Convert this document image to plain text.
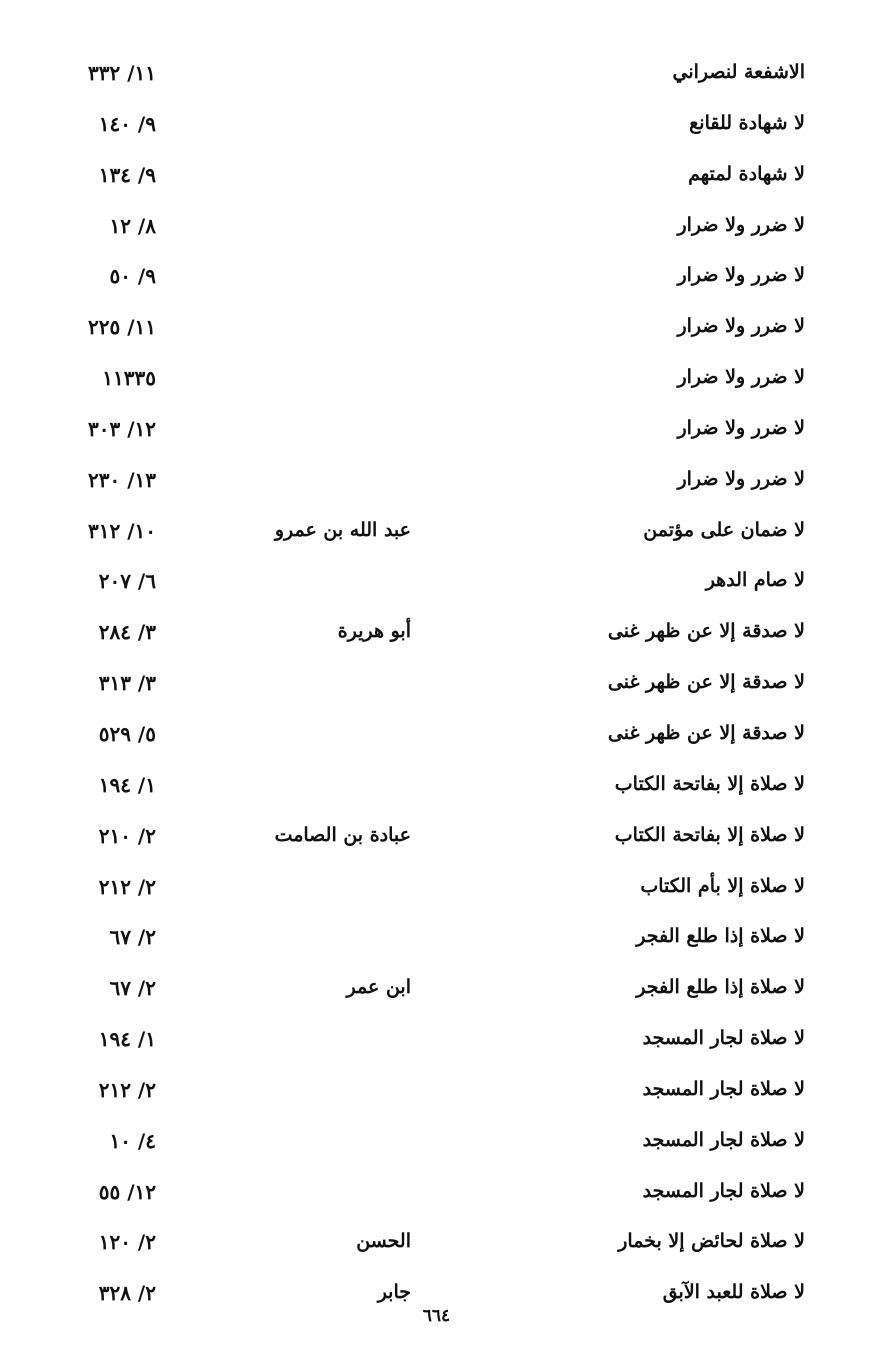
الاشفعة لنصراني
١١/ ٣٣٢
لا شهادة للقانع
٩/ ١٤٠
لا شهادة لمتهم
٩/ ١٣٤
لا ضرر ولا ضرار
٨/ ١٢
لا ضرر ولا ضرار
٩/ ٥٠
لا ضرر ولا ضرار
١١/ ٢٢٥
لا ضرر ولا ضرار
١١٣٣٥
لا ضرر ولا ضرار
١٢/ ٣٠٣
لا ضرر ولا ضرار
١٣/ ٢٣٠
لا ضمان على مؤتمن
عبد الله بن عمرو
١٠/ ٣١٢
لا صام الدهر
٦/ ٢٠٧
لا صدقة إلا عن ظهر غنى
أبو هريرة
٣/ ٢٨٤
لا صدقة إلا عن ظهر غنى
٣/ ٣١٣
لا صدقة إلا عن ظهر غنى
٥/ ٥٢٩
لا صلاة إلا بفاتحة الكتاب
١/ ١٩٤
لا صلاة إلا بفاتحة الكتاب
عبادة بن الصامت
٢/ ٢١٠
لا صلاة إلا بأم الكتاب
٢/ ٢١٢
لا صلاة إذا طلع الفجر
٢/ ٦٧
لا صلاة إذا طلع الفجر
ابن عمر
٢/ ٦٧
لا صلاة لجار المسجد
١/ ١٩٤
لا صلاة لجار المسجد
٢/ ٢١٢
لا صلاة لجار المسجد
٤/ ١٠
لا صلاة لجار المسجد
١٢/ ٥٥
لا صلاة لحائض إلا بخمار
الحسن
٢/ ١٢٠
لا صلاة للعبد الآبق
جابر
٢/ ٣٢٨
٦٦٤
